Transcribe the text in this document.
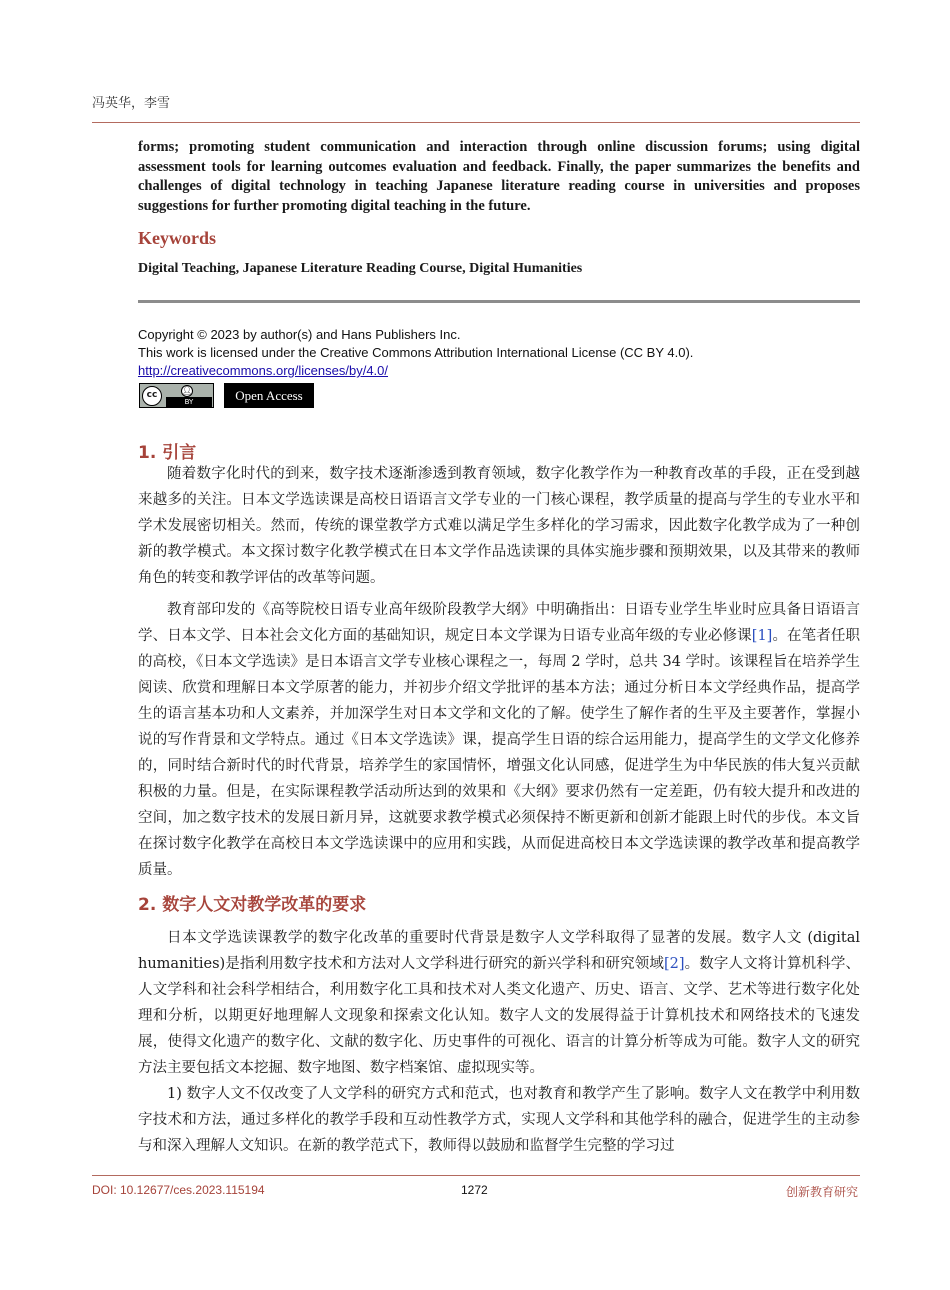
冯英华，李雪
forms; promoting student communication and interaction through online discussion forums; using digital assessment tools for learning outcomes evaluation and feedback. Finally, the paper summarizes the benefits and challenges of digital technology in teaching Japanese literature reading course in universities and proposes suggestions for further promoting digital teaching in the future.
Keywords
Digital Teaching, Japanese Literature Reading Course, Digital Humanities
Copyright © 2023 by author(s) and Hans Publishers Inc.
This work is licensed under the Creative Commons Attribution International License (CC BY 4.0).
http://creativecommons.org/licenses/by/4.0/
cc	👤︎
BY	Open Access
1. 引言

随着数字化时代的到来，数字技术逐渐渗透到教育领域，数字化教学作为一种教育改革的手段，正在受到越来越多的关注。日本文学选读课是高校日语语言文学专业的一门核心课程，教学质量的提高与学生的专业水平和学术发展密切相关。然而，传统的课堂教学方式难以满足学生多样化的学习需求，因此数字化教学成为了一种创新的教学模式。本文探讨数字化教学模式在日本文学作品选读课的具体实施步骤和预期效果，以及其带来的教师角色的转变和教学评估的改革等问题。

教育部印发的《高等院校日语专业高年级阶段教学大纲》中明确指出：日语专业学生毕业时应具备日语语言学、日本文学、日本社会文化方面的基础知识，规定日本文学课为日语专业高年级的专业必修课[1]。在笔者任职的高校，《日本文学选读》是日本语言文学专业核心课程之一，每周 2 学时，总共 34 学时。该课程旨在培养学生阅读、欣赏和理解日本文学原著的能力，并初步介绍文学批评的基本方法；通过分析日本文学经典作品，提高学生的语言基本功和人文素养，并加深学生对日本文学和文化的了解。使学生了解作者的生平及主要著作，掌握小说的写作背景和文学特点。通过《日本文学选读》课，提高学生日语的综合运用能力，提高学生的文学文化修养的，同时结合新时代的时代背景，培养学生的家国情怀，增强文化认同感，促进学生为中华民族的伟大复兴贡献积极的力量。但是，在实际课程教学活动所达到的效果和《大纲》要求仍然有一定差距，仍有较大提升和改进的空间，加之数字技术的发展日新月异，这就要求教学模式必须保持不断更新和创新才能跟上时代的步伐。本文旨在探讨数字化教学在高校日本文学选读课中的应用和实践，从而促进高校日本文学选读课的教学改革和提高教学质量。

2. 数字人文对教学改革的要求

日本文学选读课教学的数字化改革的重要时代背景是数字人文学科取得了显著的发展。数字人文 (digital humanities)是指利用数字技术和方法对人文学科进行研究的新兴学科和研究领域[2]。数字人文将计算机科学、人文学科和社会科学相结合，利用数字化工具和技术对人类文化遗产、历史、语言、文学、艺术等进行数字化处理和分析，以期更好地理解人文现象和探索文化认知。数字人文的发展得益于计算机技术和网络技术的飞速发展，使得文化遗产的数字化、文献的数字化、历史事件的可视化、语言的计算分析等成为可能。数字人文的研究方法主要包括文本挖掘、数字地图、数字档案馆、虚拟现实等。

1) 数字人文不仅改变了人文学科的研究方式和范式，也对教育和教学产生了影响。数字人文在教学中利用数字技术和方法，通过多样化的教学手段和互动性教学方式，实现人文学科和其他学科的融合，促进学生的主动参与和深入理解人文知识。在新的教学范式下，教师得以鼓励和监督学生完整的学习过

DOI: 10.12677/ces.2023.115194	1272	创新教育研究
